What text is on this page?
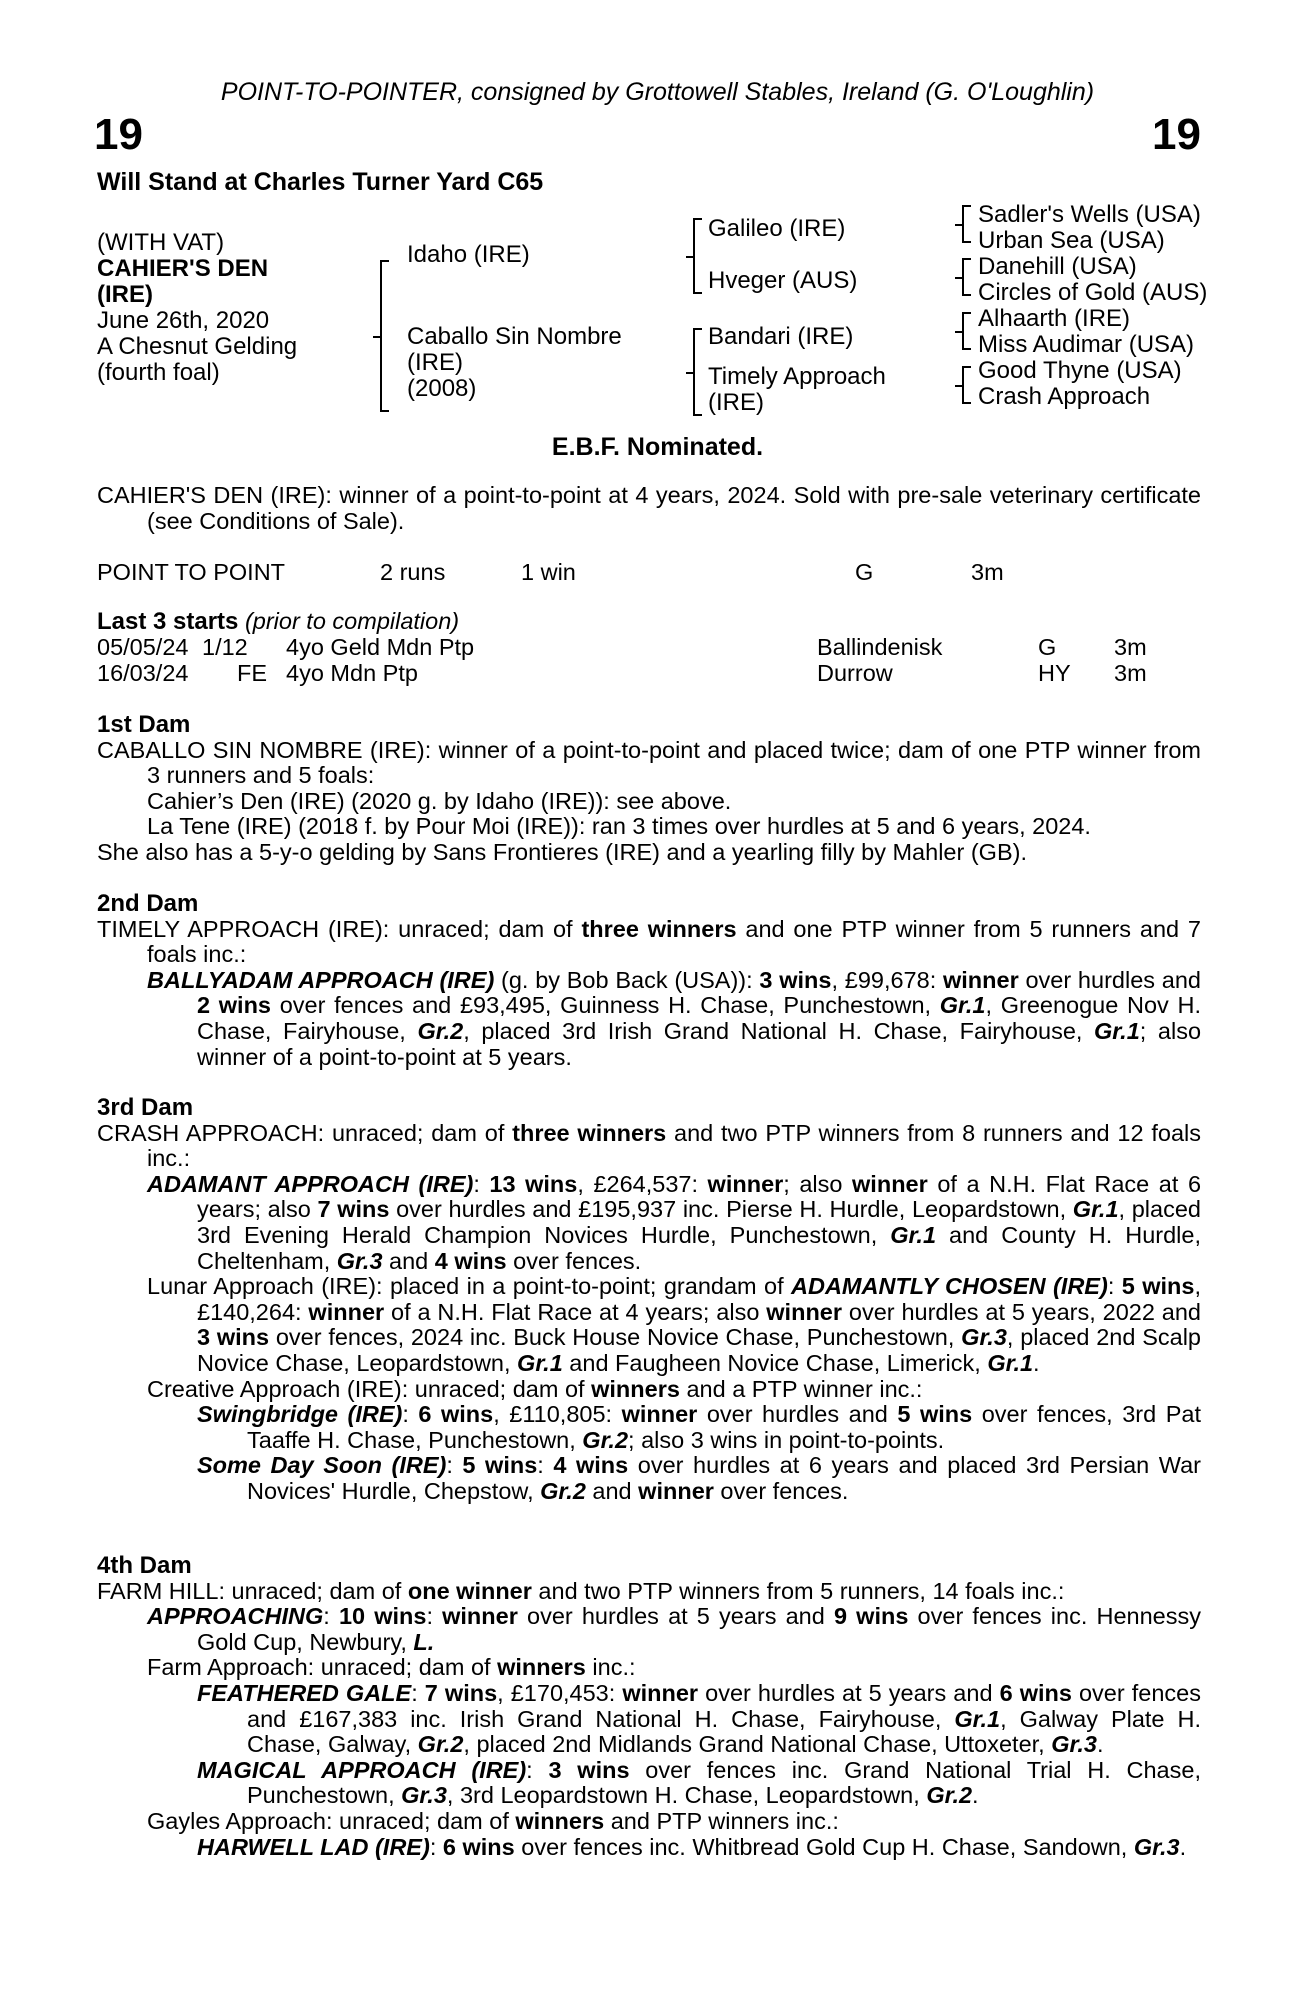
POINT-TO-POINTER, consigned by Grottowell Stables, Ireland (G. O'Loughlin)
19	19
Will Stand at Charles Turner Yard C65
(WITH VAT)
CAHIER'S DEN
(IRE)
June 26th, 2020
A Chesnut Gelding
(fourth foal)
Idaho (IRE)
Caballo Sin Nombre
(IRE)
(2008)
Galileo (IRE)
Hveger (AUS)
Bandari (IRE)
Timely Approach
(IRE)
Sadler's Wells (USA)
Urban Sea (USA)
Danehill (USA)
Circles of Gold (AUS)
Alhaarth (IRE)
Miss Audimar (USA)
Good Thyne (USA)
Crash Approach
E.B.F. Nominated.

CAHIER'S DEN (IRE): winner of a point-to-point at 4 years, 2024. Sold with pre-sale veterinary certificate (see Conditions of Sale).

POINT TO POINT	2 runs	1 win	G	3m
Last 3 starts (prior to compilation)
05/05/24 1/12 4yo Geld Mdn Ptp	Ballindenisk	G 3m
16/03/24 FE 4yo Mdn Ptp	Durrow	HY 3m

1st Dam

CABALLO SIN NOMBRE (IRE): winner of a point-to-point and placed twice; dam of one PTP winner from 3 runners and 5 foals:

Cahier’s Den (IRE) (2020 g. by Idaho (IRE)): see above.

La Tene (IRE) (2018 f. by Pour Moi (IRE)): ran 3 times over hurdles at 5 and 6 years, 2024.

She also has a 5-y-o gelding by Sans Frontieres (IRE) and a yearling filly by Mahler (GB).

2nd Dam

TIMELY APPROACH (IRE): unraced; dam of three winners and one PTP winner from 5 runners and 7 foals inc.:

BALLYADAM APPROACH (IRE) (g. by Bob Back (USA)): 3 wins, £99,678: winner over hurdles and 2 wins over fences and £93,495, Guinness H. Chase, Punchestown, Gr.1, Greenogue Nov H. Chase, Fairyhouse, Gr.2, placed 3rd Irish Grand National H. Chase, Fairyhouse, Gr.1; also winner of a point-to-point at 5 years.

3rd Dam

CRASH APPROACH: unraced; dam of three winners and two PTP winners from 8 runners and 12 foals inc.:

ADAMANT APPROACH (IRE): 13 wins, £264,537: winner; also winner of a N.H. Flat Race at 6 years; also 7 wins over hurdles and £195,937 inc. Pierse H. Hurdle, Leopardstown, Gr.1, placed 3rd Evening Herald Champion Novices Hurdle, Punchestown, Gr.1 and County H. Hurdle, Cheltenham, Gr.3 and 4 wins over fences.

Lunar Approach (IRE): placed in a point-to-point; grandam of ADAMANTLY CHOSEN (IRE): 5 wins, £140,264: winner of a N.H. Flat Race at 4 years; also winner over hurdles at 5 years, 2022 and 3 wins over fences, 2024 inc. Buck House Novice Chase, Punchestown, Gr.3, placed 2nd Scalp Novice Chase, Leopardstown, Gr.1 and Faugheen Novice Chase, Limerick, Gr.1.

Creative Approach (IRE): unraced; dam of winners and a PTP winner inc.:

Swingbridge (IRE): 6 wins, £110,805: winner over hurdles and 5 wins over fences, 3rd Pat Taaffe H. Chase, Punchestown, Gr.2; also 3 wins in point-to-points.

Some Day Soon (IRE): 5 wins: 4 wins over hurdles at 6 years and placed 3rd Persian War Novices' Hurdle, Chepstow, Gr.2 and winner over fences.

4th Dam

FARM HILL: unraced; dam of one winner and two PTP winners from 5 runners, 14 foals inc.:

APPROACHING: 10 wins: winner over hurdles at 5 years and 9 wins over fences inc. Hennessy Gold Cup, Newbury, L.

Farm Approach: unraced; dam of winners inc.:

FEATHERED GALE: 7 wins, £170,453: winner over hurdles at 5 years and 6 wins over fences and £167,383 inc. Irish Grand National H. Chase, Fairyhouse, Gr.1, Galway Plate H. Chase, Galway, Gr.2, placed 2nd Midlands Grand National Chase, Uttoxeter, Gr.3.

MAGICAL APPROACH (IRE): 3 wins over fences inc. Grand National Trial H. Chase, Punchestown, Gr.3, 3rd Leopardstown H. Chase, Leopardstown, Gr.2.

Gayles Approach: unraced; dam of winners and PTP winners inc.:

HARWELL LAD (IRE): 6 wins over fences inc. Whitbread Gold Cup H. Chase, Sandown, Gr.3.
